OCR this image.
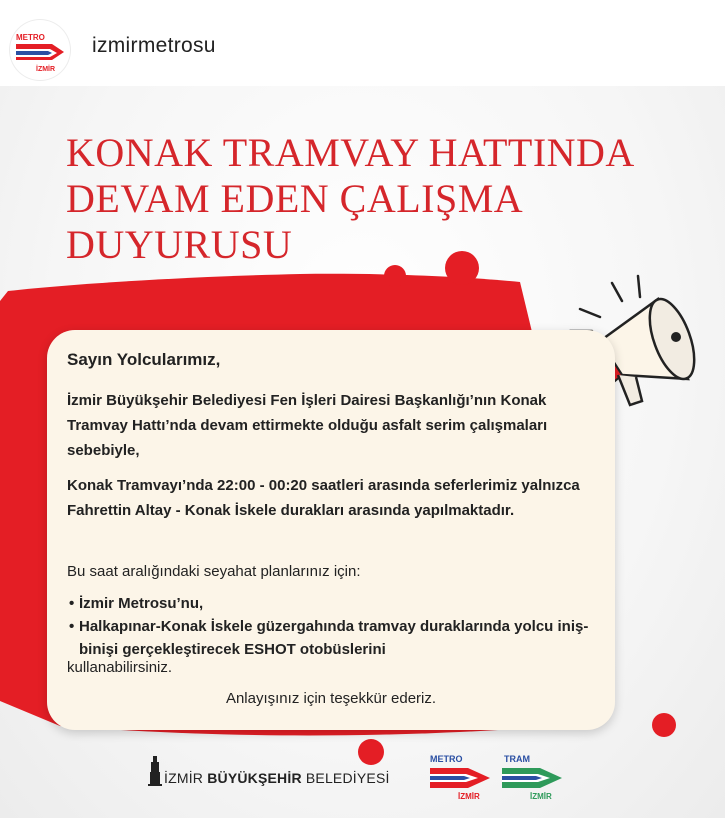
METRO
İZMİR
izmirmetrosu
KONAK TRAMVAY HATTINDA
DEVAM EDEN ÇALIŞMA
DUYURUSU
Sayın Yolcularımız,
İzmir Büyükşehir Belediyesi Fen İşleri Dairesi Başkanlığı’nın Konak Tramvay Hattı’nda devam ettirmekte olduğu asfalt serim çalışmaları sebebiyle,
Konak Tramvayı’nda 22:00 - 00:20 saatleri arasında seferlerimiz yalnızca Fahrettin Altay - Konak İskele durakları arasında yapılmaktadır.
Bu saat aralığındaki seyahat planlarınız için:
• İzmir Metrosu’nu,
• Halkapınar-Konak İskele güzergahında tramvay duraklarında yolcu iniş-binişi gerçekleştirecek ESHOT otobüslerini
kullanabilirsiniz.
Anlayışınız için teşekkür ederiz.
İZMİR BÜYÜKŞEHİR BELEDİYESİ
METRO
İZMİR
TRAM
İZMİR
